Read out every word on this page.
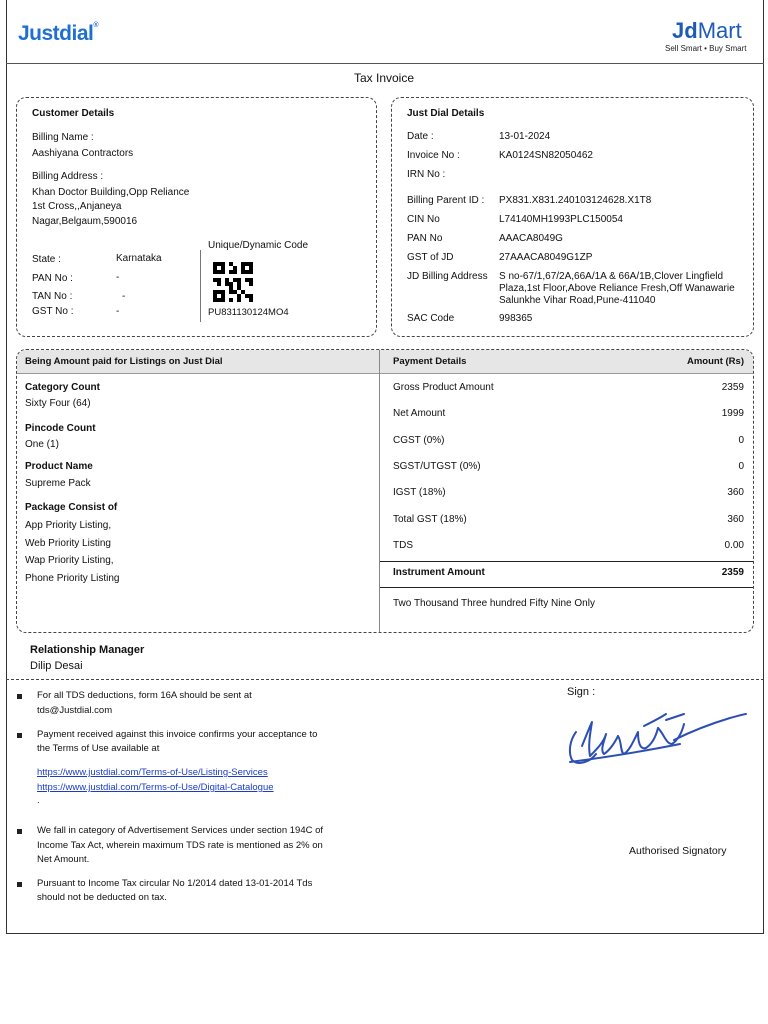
Justdial®	JdMart
Sell Smart • Buy Smart
Tax Invoice
Customer Details
Billing Name :
Aashiyana Contractors
Billing Address :
Khan Doctor Building,Opp Reliance
1st Cross,,Anjaneya
Nagar,Belgaum,590016
State :	Karnataka
PAN No :	-
TAN No :	-
GST No :	-
Unique/Dynamic Code
PU831130124MO4
Just Dial Details
Date :	13-01-2024
Invoice No :	KA0124SN82050462
IRN No :
Billing Parent ID : PX831.X831.240103124628.X1T8
CIN No	L74140MH1993PLC150054
PAN No	AAACA8049G
GST of JD	27AAACA8049G1ZP
JD Billing Address S no-67/1,67/2A,66A/1A & 66A/1B,Clover Lingfield
Plaza,1st Floor,Above Reliance Fresh,Off Wanawarie
Salunkhe Vihar Road,Pune-411040
SAC Code	998365
Being Amount paid for Listings on Just Dial	Payment Details	Amount (Rs)
Category Count
Sixty Four (64)
Pincode Count
One (1)
Product Name
Supreme Pack
Package Consist of
App Priority Listing,
Web Priority Listing
Wap Priority Listing,
Phone Priority Listing
Gross Product Amount	2359
Net Amount	1999
CGST (0%)	0
SGST/UTGST (0%)	0
IGST (18%)	360
Total GST (18%)	360
TDS	0.00
Instrument Amount	2359
Two Thousand Three hundred Fifty Nine Only
Relationship Manager
Dilip Desai
For all TDS deductions, form 16A should be sent at
tds@Justdial.com
Payment received against this invoice confirms your acceptance to
the Terms of Use available at
https://www.justdial.com/Terms-of-Use/Listing-Services
https://www.justdial.com/Terms-of-Use/Digital-Catalogue
.
We fall in category of Advertisement Services under section 194C of
Income Tax Act, wherein maximum TDS rate is mentioned as 2% on
Net Amount.
Pursuant to Income Tax circular No 1/2014 dated 13-01-2014 Tds
should not be deducted on tax.
Sign :
Authorised Signatory
